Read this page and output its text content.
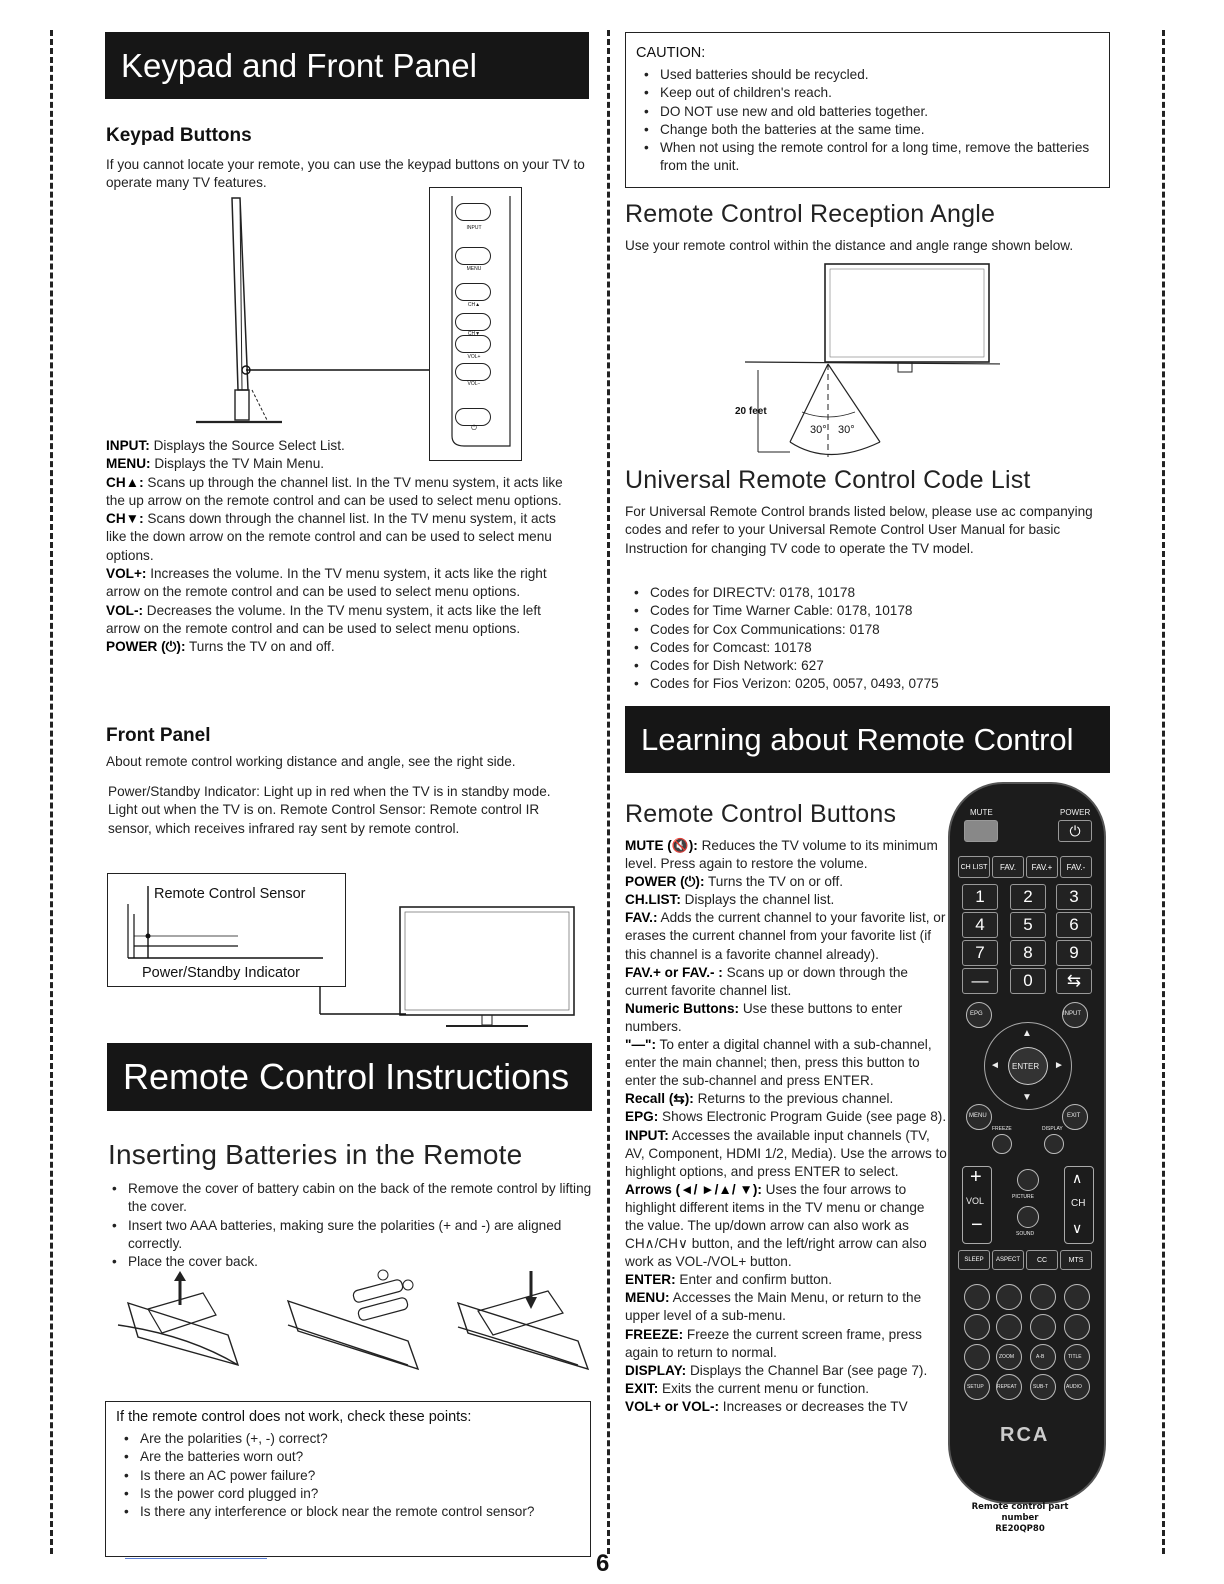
Keypad and Front Panel
Keypad Buttons

If you cannot locate your remote, you can use the keypad buttons on your TV to operate many TV features.

INPUT
MENU
CH▲
CH▼
VOL+
VOL−
⏻
INPUT: Displays the Source Select List.
MENU: Displays the TV Main Menu.
CH▲: Scans up through the channel list. In the TV menu system, it acts like the up arrow on the remote control and can be used to select menu options.
CH▼: Scans down through the channel list. In the TV menu system, it acts like the down arrow on the remote control and can be used to select menu options.
VOL+: Increases the volume. In the TV menu system, it acts like the right arrow on the remote control and can be used to select menu options.
VOL-: Decreases the volume. In the TV menu system, it acts like the left arrow on the remote control and can be used to select menu options.
POWER (⏻): Turns the TV on and off.
Front Panel

About remote control working distance and angle, see the right side.

Power/Standby Indicator: Light up in red when the TV is in standby mode. Light out when the TV is on. Remote Control Sensor: Remote control IR sensor, which receives infrared ray sent by remote control.

Remote Control Sensor
Power/Standby Indicator
Remote Control Instructions
Inserting Batteries in the Remote
• Remove the cover of battery cabin on the back of the remote control by lifting the cover.
• Insert two AAA batteries, making sure the polarities (+ and -) are aligned correctly.
• Place the cover back.
If the remote control does not work, check these points:
• Are the polarities (+, -) correct?
• Are the batteries worn out?
• Is there an AC power failure?
• Is the power cord plugged in?
• Is there any interference or block near the remote control sensor?
CAUTION:
• Used batteries should be recycled.
• Keep out of children's reach.
• DO NOT use new and old batteries together.
• Change both the batteries at the same time.
• When not using the remote control for a long time, remove the batteries from the unit.
Remote Control Reception Angle

Use your remote control within the distance and angle range shown below.

20 feet
30° 30°
Universal Remote Control Code List

For Universal Remote Control brands listed below, please use ac companying codes and refer to your Universal Remote Control User Manual for basic Instruction for changing TV code to operate the TV model.

• Codes for DIRECTV: 0178, 10178
• Codes for Time Warner Cable: 0178, 10178
• Codes for Cox Communications: 0178
• Codes for Comcast: 10178
• Codes for Dish Network: 627
• Codes for Fios Verizon: 0205, 0057, 0493, 0775
Learning about Remote Control
Remote Control Buttons
MUTE (🔇): Reduces the TV volume to its minimum level. Press again to restore the volume.
POWER (⏻): Turns the TV on or off.
CH.LIST: Displays the channel list.
FAV.: Adds the current channel to your favorite list, or erases the current channel from your favorite list (if this channel is a favorite channel already).
FAV.+ or FAV.- : Scans up or down through the current favorite channel list.
Numeric Buttons: Use these buttons to enter numbers.
"—": To enter a digital channel with a sub-channel, enter the main channel; then, press this button to enter the sub-channel and press ENTER.
Recall (⇆): Returns to the previous channel.
EPG: Shows Electronic Program Guide (see page 8).
INPUT: Accesses the available input channels (TV, AV, Component, HDMI 1/2, Media). Use the arrows to highlight options, and press ENTER to select.
Arrows (◄/ ►/▲/ ▼): Uses the four arrows to highlight different items in the TV menu or change the value. The up/down arrow can also work as CH∧/CH∨ button, and the left/right arrow can also work as VOL-/VOL+ button.
ENTER: Enter and confirm button.
MENU: Accesses the Main Menu, or return to the upper level of a sub-menu.
FREEZE: Freeze the current screen frame, press again to return to normal.
DISPLAY: Displays the Channel Bar (see page 7).
EXIT: Exits the current menu or function.
VOL+ or VOL-: Increases or decreases the TV
MUTE	POWER
⏻
CH LIST	FAV.	FAV.+	FAV.-
1	2	3
4	5	6
7	8	9
—	0	⇆
EPG	INPUT
▲
▼
◄	►
ENTER
MENU	EXIT
FREEZE	DISPLAY
+
VOL
−
PICTURE
SOUND
∧
CH
∨
SLEEP	ASPECT	CC	MTS
ZOOM	A-B	TITLE
SETUP	REPEAT	SUB-T	AUDIO
RCA
Remote control part number
RE20QP80
6
